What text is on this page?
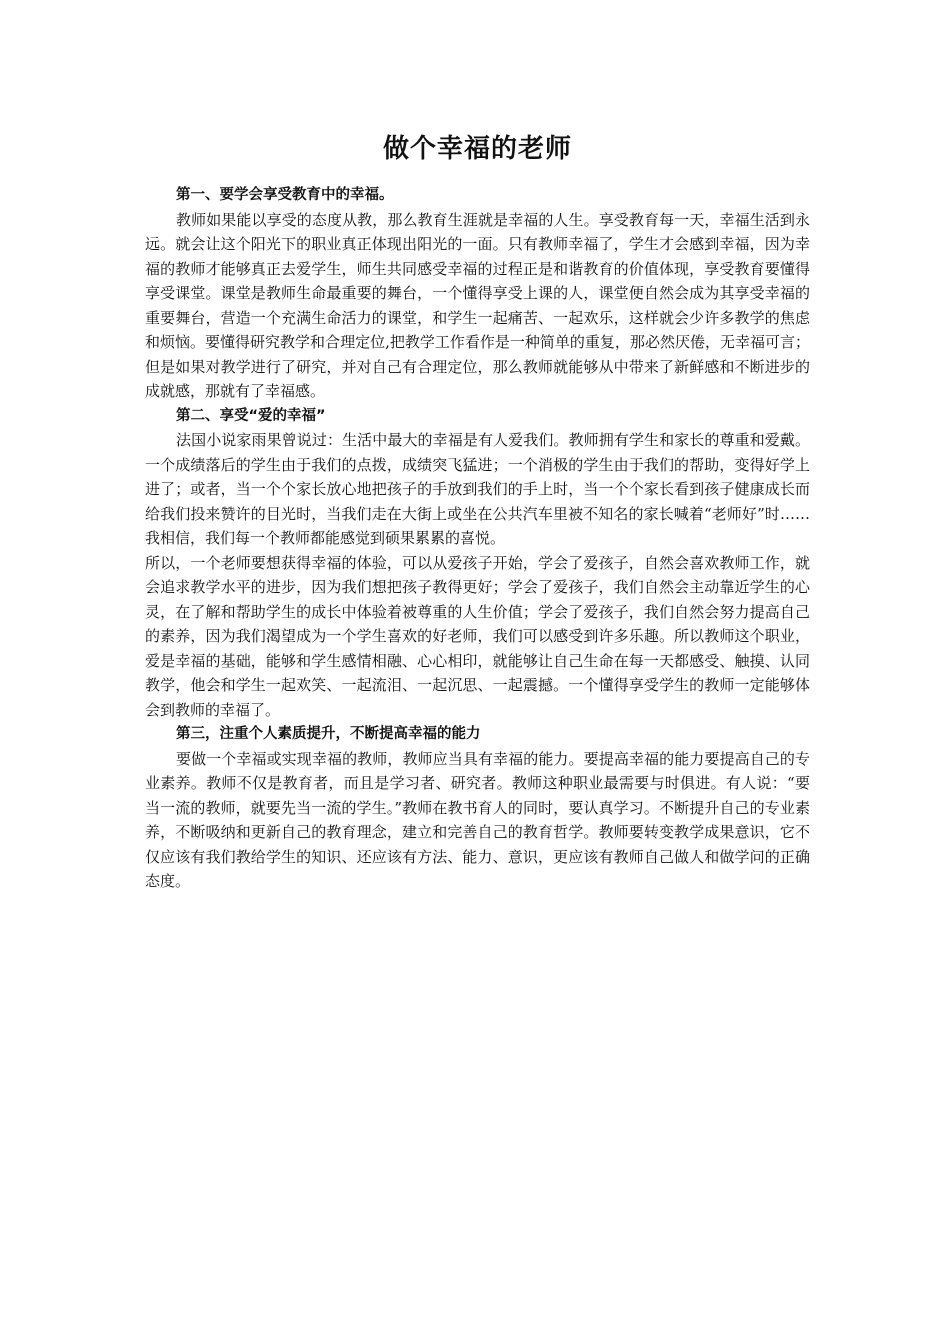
做个幸福的老师

第一、要学会享受教育中的幸福。

教师如果能以享受的态度从教，那么教育生涯就是幸福的人生。享受教育每一天，幸福生活到永远。就会让这个阳光下的职业真正体现出阳光的一面。只有教师幸福了，学生才会感到幸福，因为幸福的教师才能够真正去爱学生，师生共同感受幸福的过程正是和谐教育的价值体现，享受教育要懂得享受课堂。课堂是教师生命最重要的舞台，一个懂得享受上课的人，课堂便自然会成为其享受幸福的重要舞台，营造一个充满生命活力的课堂，和学生一起痛苦、一起欢乐，这样就会少许多教学的焦虑和烦恼。要懂得研究教学和合理定位,把教学工作看作是一种简单的重复，那必然厌倦，无幸福可言；但是如果对教学进行了研究，并对自己有合理定位，那么教师就能够从中带来了新鲜感和不断进步的成就感，那就有了幸福感。

第二、享受“爱的幸福”

法国小说家雨果曾说过：生活中最大的幸福是有人爱我们。教师拥有学生和家长的尊重和爱戴。一个成绩落后的学生由于我们的点拨，成绩突飞猛进；一个消极的学生由于我们的帮助，变得好学上进了；或者，当一个个家长放心地把孩子的手放到我们的手上时，当一个个家长看到孩子健康成长而给我们投来赞许的目光时，当我们走在大街上或坐在公共汽车里被不知名的家长喊着“老师好”时……我相信，我们每一个教师都能感觉到硕果累累的喜悦。

所以，一个老师要想获得幸福的体验，可以从爱孩子开始，学会了爱孩子，自然会喜欢教师工作，就会追求教学水平的进步，因为我们想把孩子教得更好；学会了爱孩子，我们自然会主动靠近学生的心灵，在了解和帮助学生的成长中体验着被尊重的人生价值；学会了爱孩子，我们自然会努力提高自己的素养，因为我们渴望成为一个学生喜欢的好老师，我们可以感受到许多乐趣。所以教师这个职业，爱是幸福的基础，能够和学生感情相融、心心相印，就能够让自己生命在每一天都感受、触摸、认同教学，他会和学生一起欢笑、一起流泪、一起沉思、一起震撼。一个懂得享受学生的教师一定能够体会到教师的幸福了。

第三，注重个人素质提升，不断提高幸福的能力

要做一个幸福或实现幸福的教师，教师应当具有幸福的能力。要提高幸福的能力要提高自己的专业素养。教师不仅是教育者，而且是学习者、研究者。教师这种职业最需要与时俱进。有人说：“要当一流的教师，就要先当一流的学生。”教师在教书育人的同时，要认真学习。不断提升自己的专业素养，不断吸纳和更新自己的教育理念，建立和完善自己的教育哲学。教师要转变教学成果意识，它不仅应该有我们教给学生的知识、还应该有方法、能力、意识，更应该有教师自己做人和做学问的正确态度。
